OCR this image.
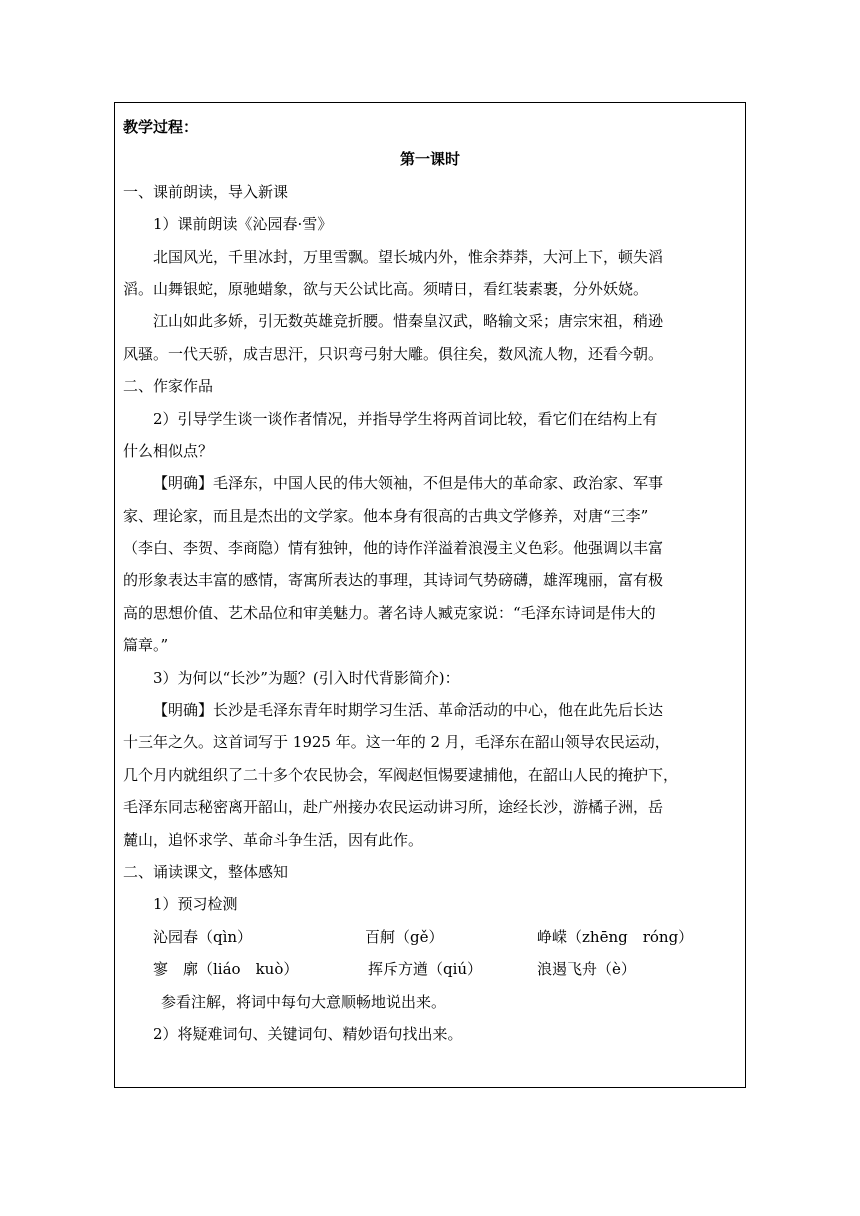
教学过程：
第一课时
一、课前朗读，导入新课
1）课前朗读《沁园春·雪》
北国风光，千里冰封，万里雪飘。望长城内外，惟余莽莽，大河上下，顿失滔
滔。山舞银蛇，原驰蜡象，欲与天公试比高。须晴日，看红装素裹，分外妖娆。
江山如此多娇，引无数英雄竞折腰。惜秦皇汉武，略输文采；唐宗宋祖，稍逊
风骚。一代天骄，成吉思汗，只识弯弓射大雕。俱往矣，数风流人物，还看今朝。
二、作家作品
2）引导学生谈一谈作者情况，并指导学生将两首词比较，看它们在结构上有
什么相似点？
【明确】毛泽东，中国人民的伟大领袖，不但是伟大的革命家、政治家、军事
家、理论家，而且是杰出的文学家。他本身有很高的古典文学修养，对唐“三李”
（李白、李贺、李商隐）情有独钟，他的诗作洋溢着浪漫主义色彩。他强调以丰富
的形象表达丰富的感情，寄寓所表达的事理，其诗词气势磅礴，雄浑瑰丽，富有极
高的思想价值、艺术品位和审美魅力。著名诗人臧克家说：“毛泽东诗词是伟大的
篇章。”
3）为何以“长沙”为题？(引入时代背影简介)：
【明确】长沙是毛泽东青年时期学习生活、革命活动的中心，他在此先后长达
十三年之久。这首词写于 1925 年。这一年的 2 月，毛泽东在韶山领导农民运动，
几个月内就组织了二十多个农民协会，军阀赵恒惕要逮捕他，在韶山人民的掩护下，
毛泽东同志秘密离开韶山，赴广州接办农民运动讲习所，途经长沙，游橘子洲，岳
麓山，追怀求学、革命斗争生活，因有此作。
二、诵读课文，整体感知
1）预习检测
沁园春（qìn）	百舸（gě）	峥嵘（zhēng　róng）
寥　廓（liáo　kuò）	挥斥方遒（qiú）	浪遏飞舟（è）
参看注解，将词中每句大意顺畅地说出来。
2）将疑难词句、关键词句、精妙语句找出来。
